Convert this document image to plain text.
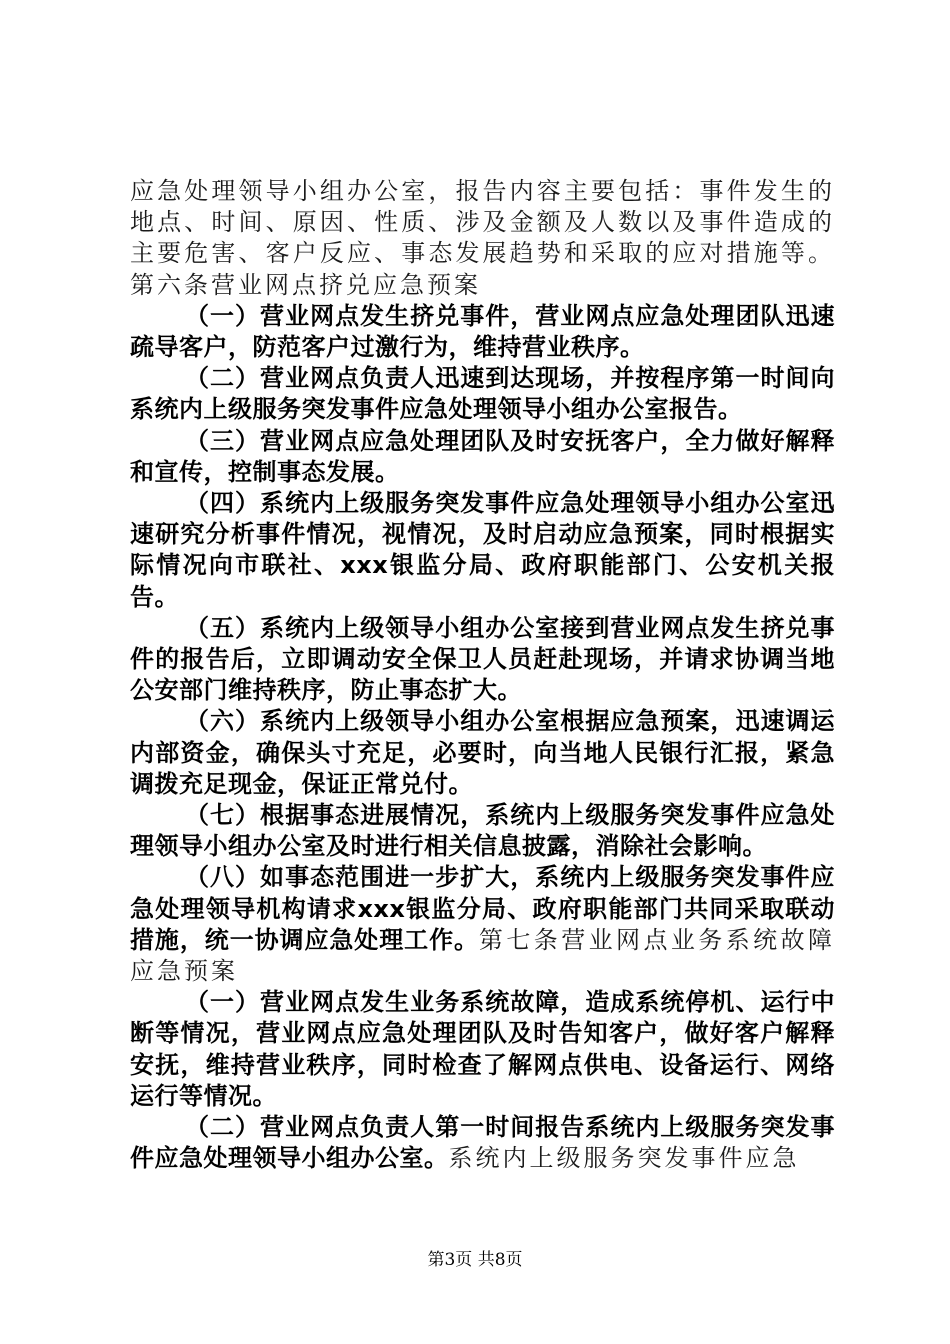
应急处理领导小组办公室，报告内容主要包括：事件发生的地点、时间、原因、性质、涉及金额及人数以及事件造成的主要危害、客户反应、事态发展趋势和采取的应对措施等。第六条营业网点挤兑应急预案

（一）营业网点发生挤兑事件，营业网点应急处理团队迅速疏导客户，防范客户过激行为，维持营业秩序。

（二）营业网点负责人迅速到达现场，并按程序第一时间向系统内上级服务突发事件应急处理领导小组办公室报告。

（三）营业网点应急处理团队及时安抚客户，全力做好解释和宣传，控制事态发展。

（四）系统内上级服务突发事件应急处理领导小组办公室迅速研究分析事件情况，视情况，及时启动应急预案，同时根据实际情况向市联社、xxx银监分局、政府职能部门、公安机关报告。

（五）系统内上级领导小组办公室接到营业网点发生挤兑事件的报告后，立即调动安全保卫人员赶赴现场，并请求协调当地公安部门维持秩序，防止事态扩大。

（六）系统内上级领导小组办公室根据应急预案，迅速调运内部资金，确保头寸充足，必要时，向当地人民银行汇报，紧急调拨充足现金，保证正常兑付。

（七）根据事态进展情况，系统内上级服务突发事件应急处理领导小组办公室及时进行相关信息披露，消除社会影响。

（八）如事态范围进一步扩大，系统内上级服务突发事件应急处理领导机构请求xxx银监分局、政府职能部门共同采取联动措施，统一协调应急处理工作。第七条营业网点业务系统故障应急预案

（一）营业网点发生业务系统故障，造成系统停机、运行中断等情况，营业网点应急处理团队及时告知客户，做好客户解释安抚，维持营业秩序，同时检查了解网点供电、设备运行、网络运行等情况。

（二）营业网点负责人第一时间报告系统内上级服务突发事件应急处理领导小组办公室。系统内上级服务突发事件应急

第3页 共8页
